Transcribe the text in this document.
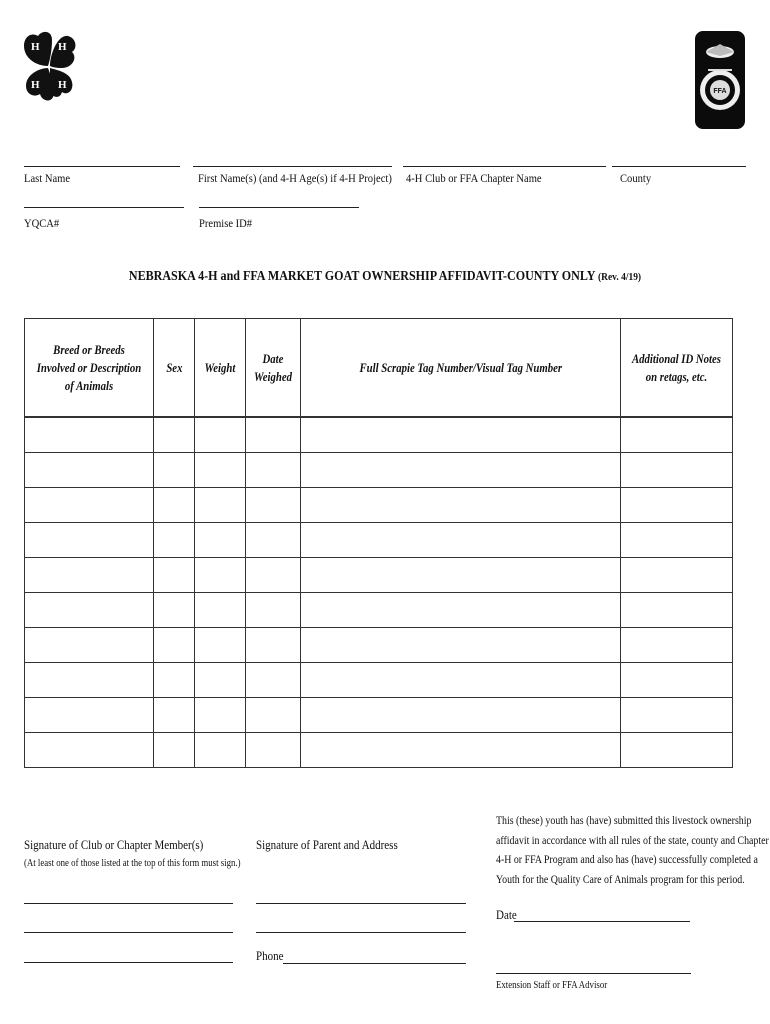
H H
H H
FFA
Last Name	First Name(s) (and 4-H Age(s) if 4-H Project) 4-H Club or FFA Chapter Name	County
YQCA#	Premise ID#
NEBRASKA 4-H and FFA MARKET GOAT OWNERSHIP AFFIDAVIT-COUNTY ONLY (Rev. 4/19)
Breed or Breeds Involved or Description of Animals	Sex	Weight	Date Weighed	Full Scrapie Tag Number/Visual Tag Number	Additional ID Notes on retags, etc.

Signature of Club or Chapter Member(s)
(At least one of those listed at the top of this form must sign.)
Signature of Parent and Address
Phone
This (these) youth has (have) submitted this livestock ownership
affidavit in accordance with all rules of the state, county and Chapter
4-H or FFA Program and also has (have) successfully completed a
Youth for the Quality Care of Animals program for this period.
Date
Extension Staff or FFA Advisor
